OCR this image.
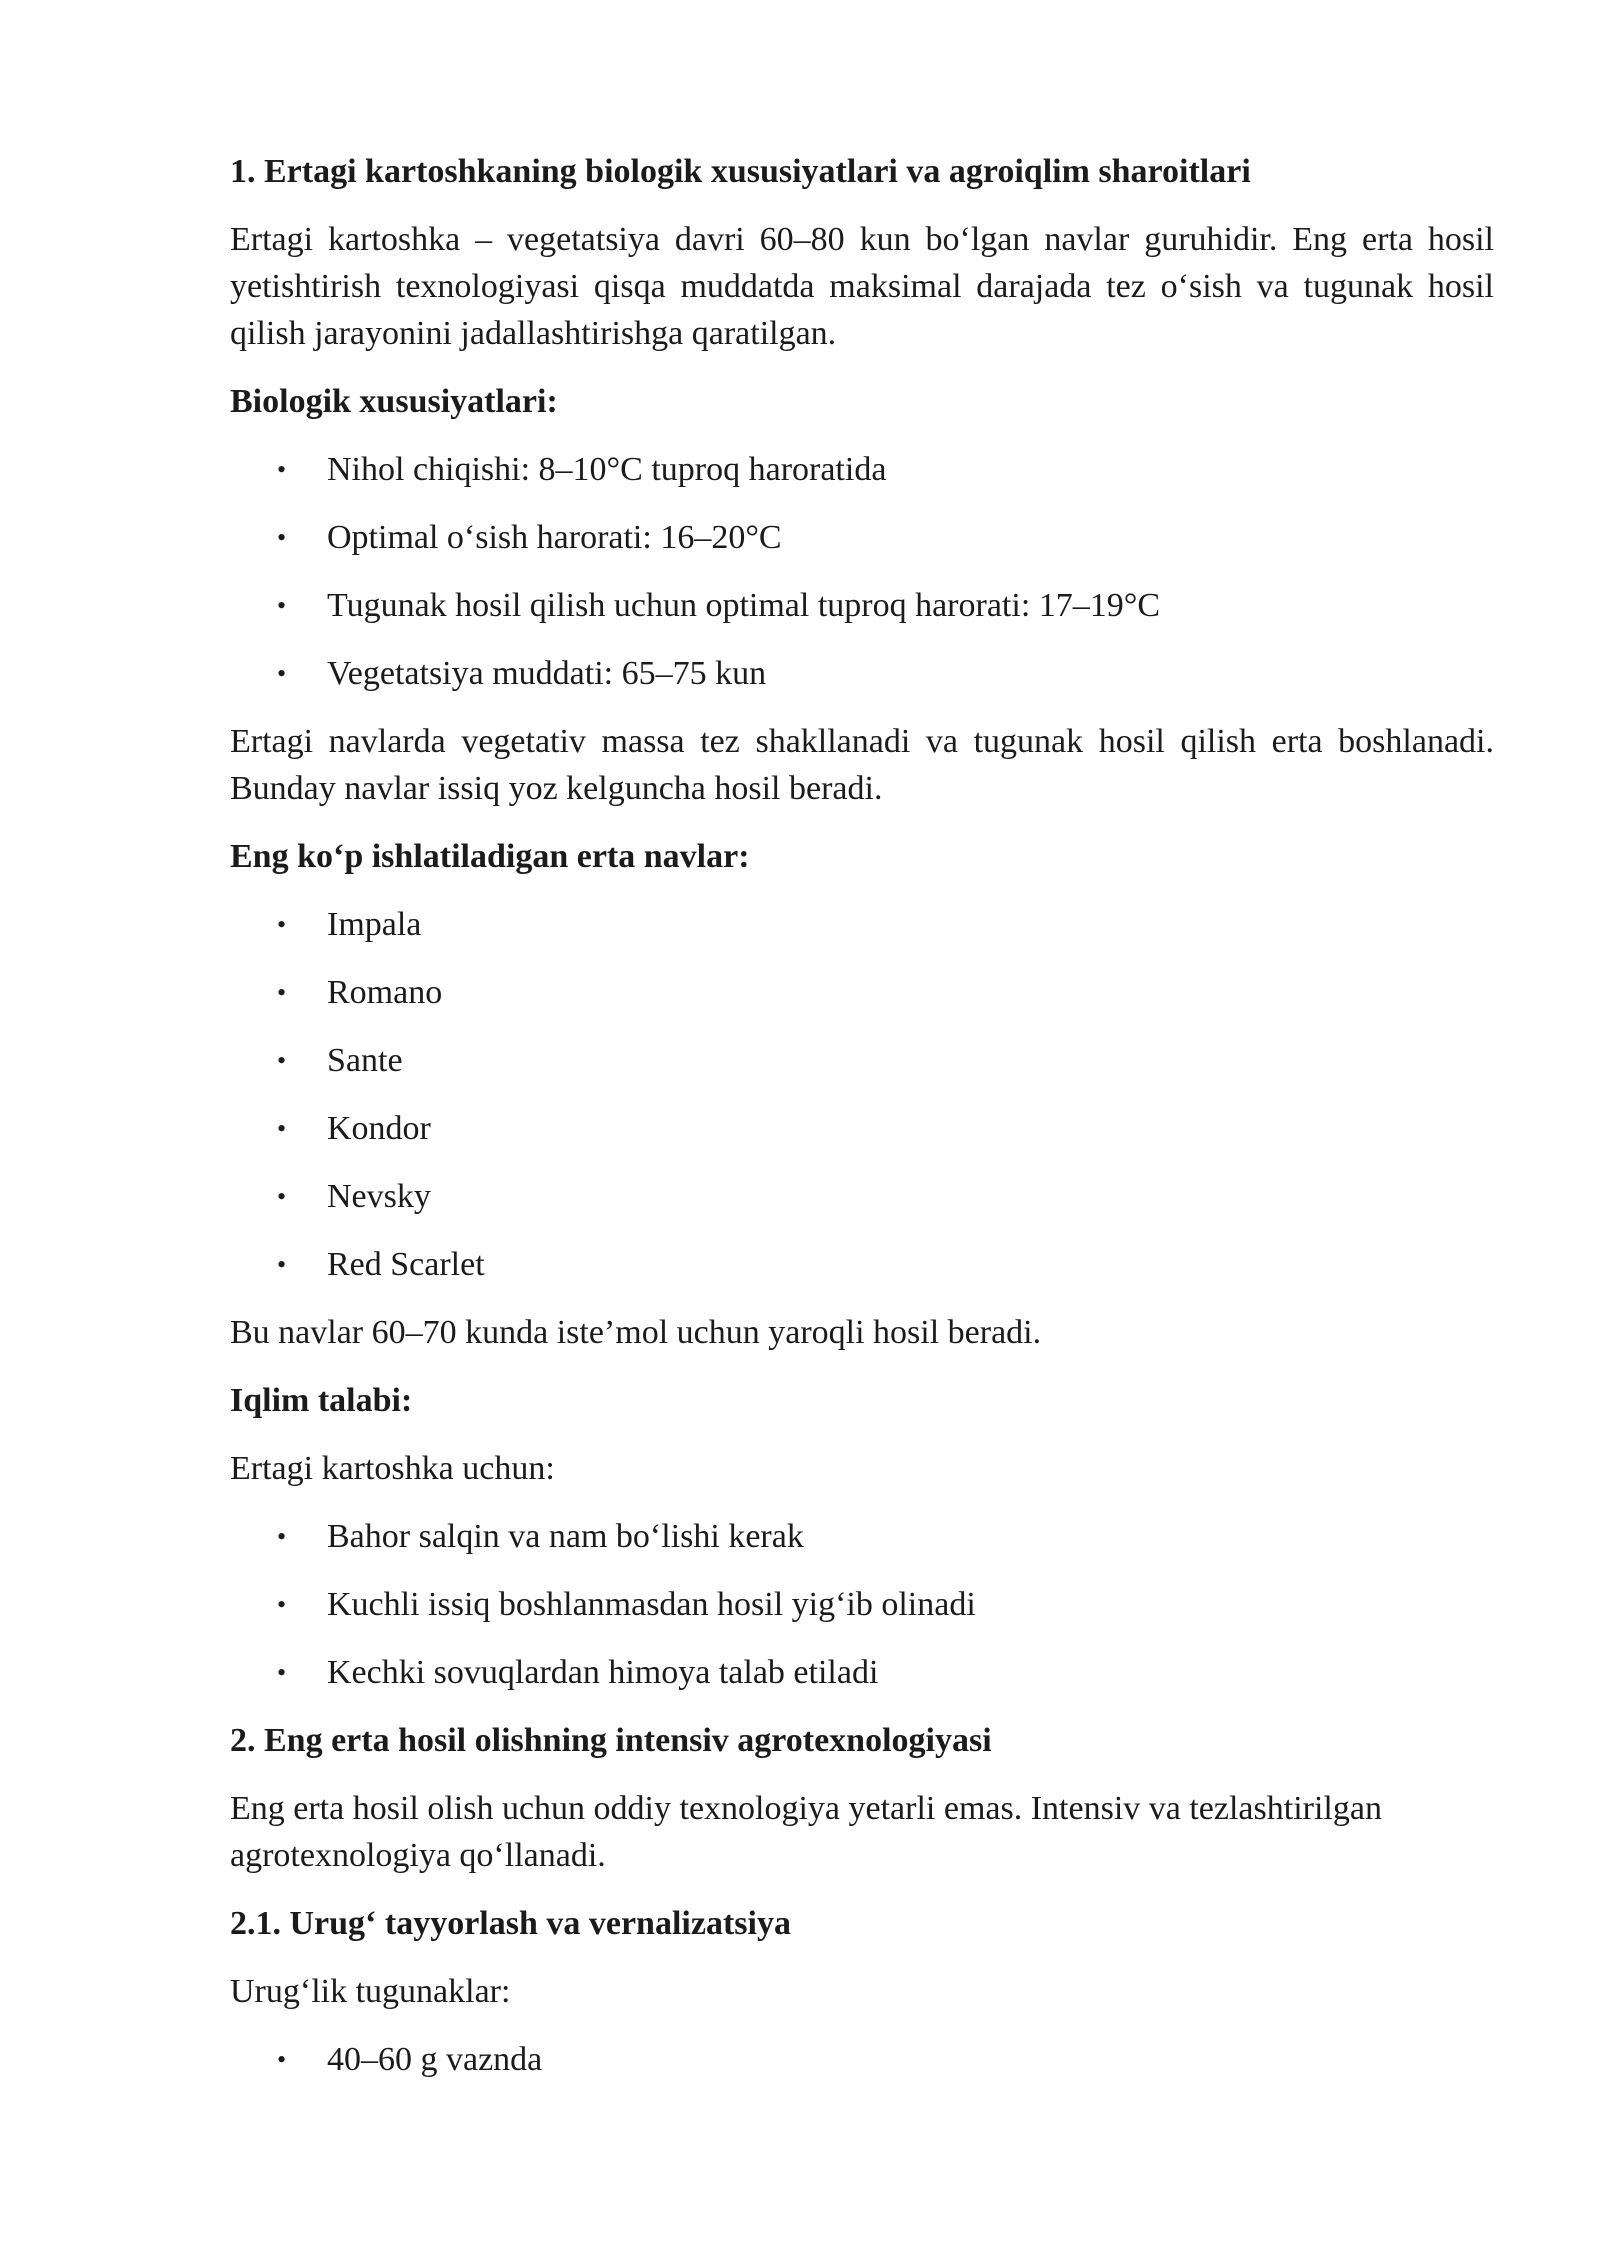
1. Ertagi kartoshkaning biologik xususiyatlari va agroiqlim sharoitlari
Ertagi kartoshka – vegetatsiya davri 60–80 kun bo‘lgan navlar guruhidir. Eng erta hosil yetishtirish texnologiyasi qisqa muddatda maksimal darajada tez o‘sish va tugunak hosil qilish jarayonini jadallashtirishga qaratilgan.
Biologik xususiyatlari:
• Nihol chiqishi: 8–10°C tuproq haroratida
• Optimal o‘sish harorati: 16–20°C
• Tugunak hosil qilish uchun optimal tuproq harorati: 17–19°C
• Vegetatsiya muddati: 65–75 kun
Ertagi navlarda vegetativ massa tez shakllanadi va tugunak hosil qilish erta boshlanadi. Bunday navlar issiq yoz kelguncha hosil beradi.
Eng ko‘p ishlatiladigan erta navlar:
• Impala
• Romano
• Sante
• Kondor
• Nevsky
• Red Scarlet
Bu navlar 60–70 kunda iste’mol uchun yaroqli hosil beradi.
Iqlim talabi:
Ertagi kartoshka uchun:
• Bahor salqin va nam bo‘lishi kerak
• Kuchli issiq boshlanmasdan hosil yig‘ib olinadi
• Kechki sovuqlardan himoya talab etiladi
2. Eng erta hosil olishning intensiv agrotexnologiyasi
Eng erta hosil olish uchun oddiy texnologiya yetarli emas. Intensiv va tezlashtirilgan agrotexnologiya qo‘llanadi.
2.1. Urug‘ tayyorlash va vernalizatsiya
Urug‘lik tugunaklar:
• 40–60 g vaznda
